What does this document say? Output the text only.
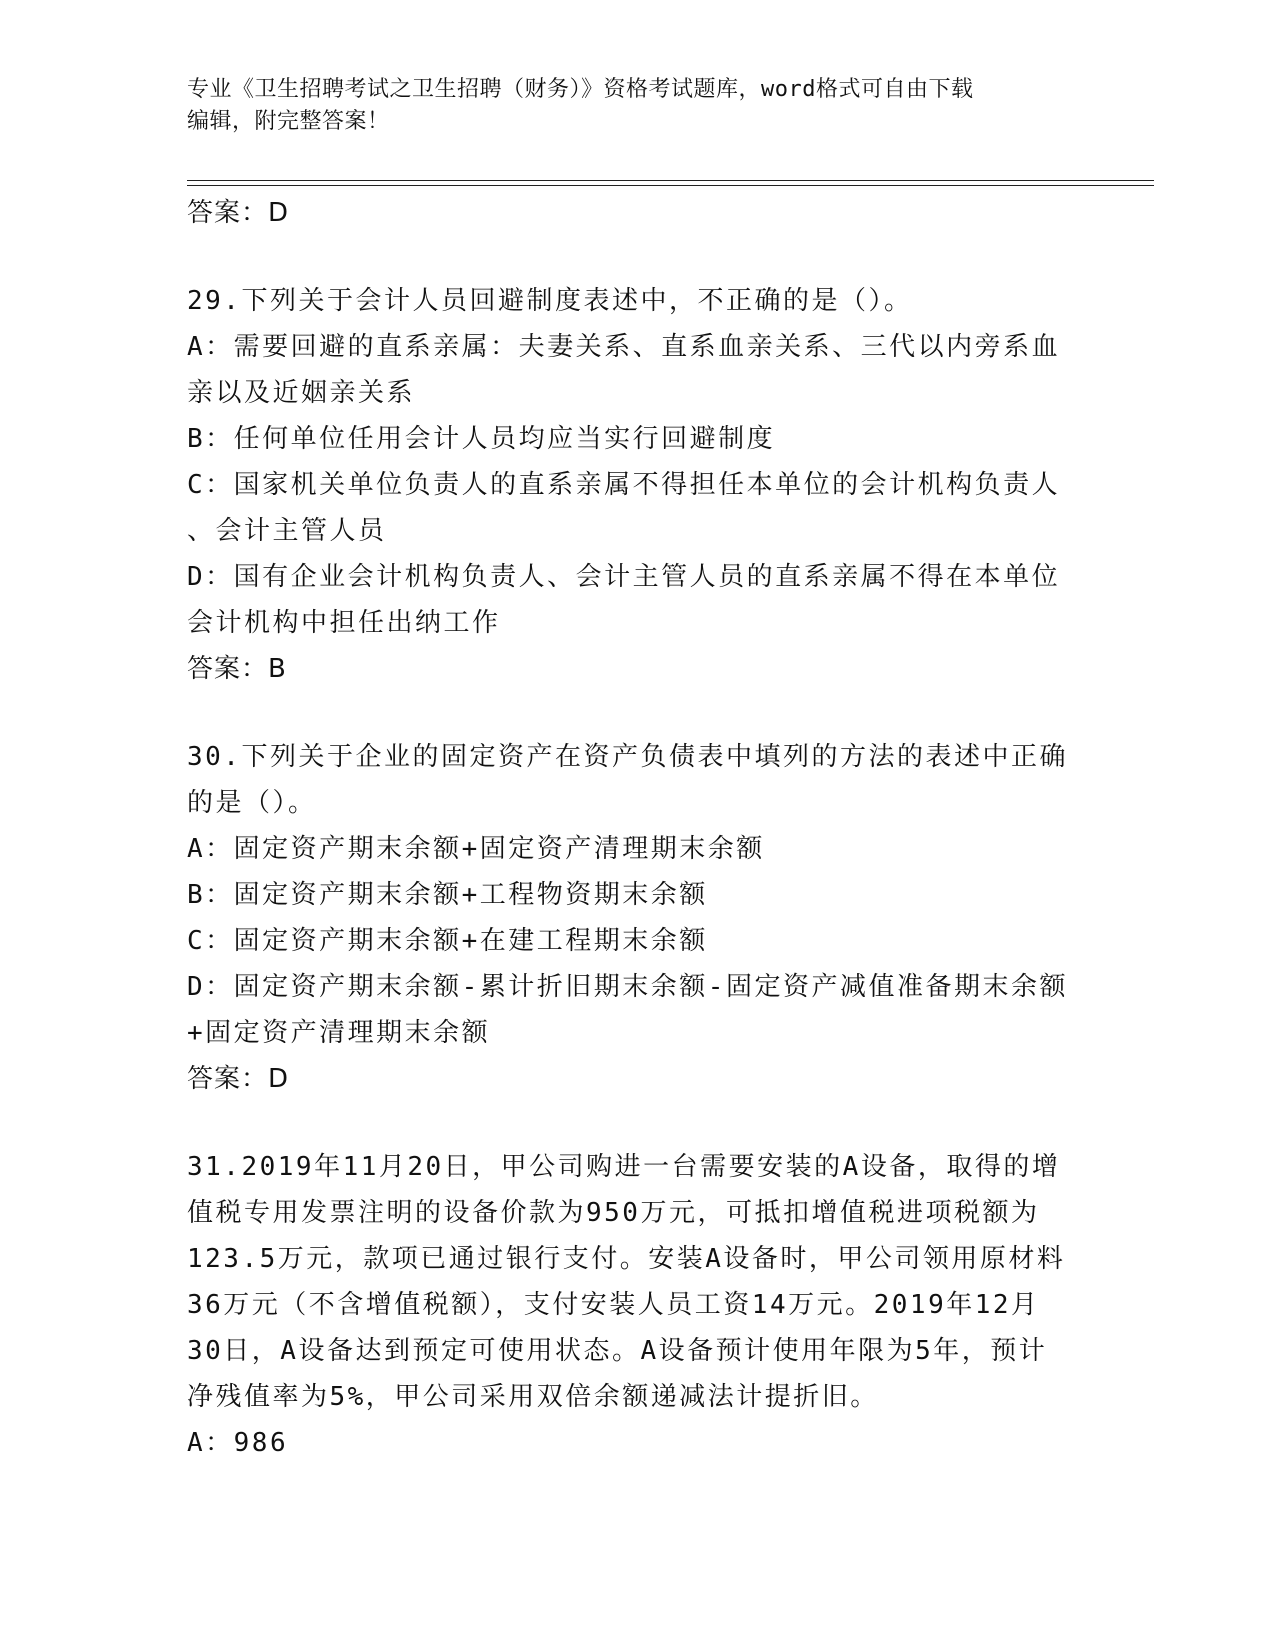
专业《卫生招聘考试之卫生招聘（财务）》资格考试题库，word格式可自由下载
编辑，附完整答案！
答案：D
29.下列关于会计人员回避制度表述中，不正确的是（）。
A：需要回避的直系亲属：夫妻关系、直系血亲关系、三代以内旁系血
亲以及近姻亲关系
B：任何单位任用会计人员均应当实行回避制度
C：国家机关单位负责人的直系亲属不得担任本单位的会计机构负责人
、会计主管人员
D：国有企业会计机构负责人、会计主管人员的直系亲属不得在本单位
会计机构中担任出纳工作
答案：B
30.下列关于企业的固定资产在资产负债表中填列的方法的表述中正确
的是（）。
A：固定资产期末余额+固定资产清理期末余额
B：固定资产期末余额+工程物资期末余额
C：固定资产期末余额+在建工程期末余额
D：固定资产期末余额-累计折旧期末余额-固定资产减值准备期末余额
+固定资产清理期末余额
答案：D
31.2019年11月20日，甲公司购进一台需要安装的A设备，取得的增
值税专用发票注明的设备价款为950万元，可抵扣增值税进项税额为
123.5万元，款项已通过银行支付。安装A设备时，甲公司领用原材料
36万元（不含增值税额），支付安装人员工资14万元。2019年12月
30日，A设备达到预定可使用状态。A设备预计使用年限为5年，预计
净残值率为5%，甲公司采用双倍余额递减法计提折旧。
A：986
